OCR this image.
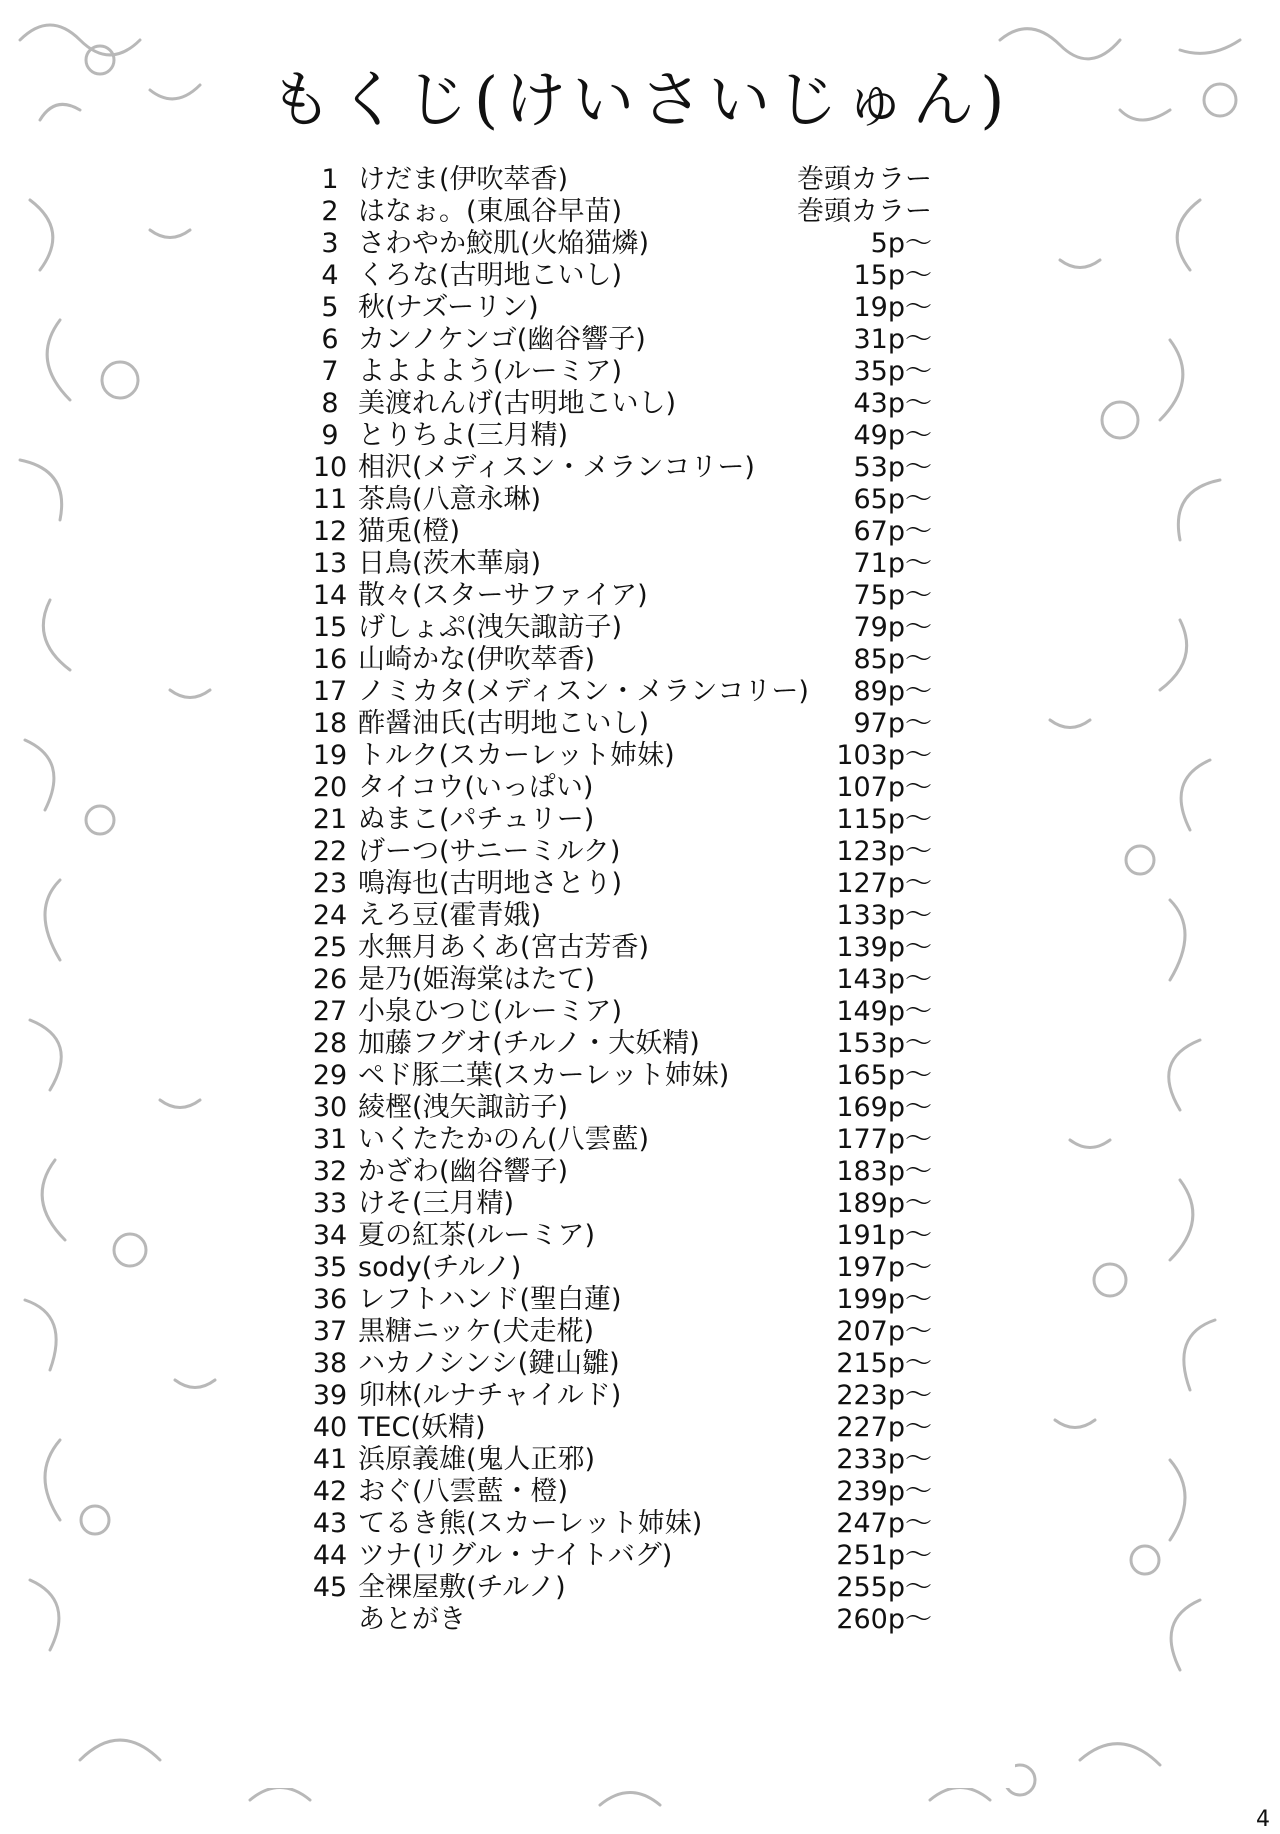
もくじ(けいさいじゅん)
1 けだま(伊吹萃香)	巻頭カラー
2 はなぉ。(東風谷早苗)	巻頭カラー
3 さわやか鮫肌(火焔猫燐)	5p～
4 くろな(古明地こいし)	15p～
5 秋(ナズーリン)	19p～
6 カンノケンゴ(幽谷響子)	31p～
7 よよよよう(ルーミア)	35p～
8 美渡れんげ(古明地こいし)	43p～
9 とりちよ(三月精)	49p～
10 相沢(メディスン・メランコリー)	53p～
11 茶鳥(八意永琳)	65p～
12 猫兎(橙)	67p～
13 日鳥(茨木華扇)	71p～
14 散々(スターサファイア)	75p～
15 げしょぷ(洩矢諏訪子)	79p～
16 山崎かな(伊吹萃香)	85p～
17 ノミカタ(メディスン・メランコリー) 89p～
18 酢醤油氏(古明地こいし)	97p～
19 トルク(スカーレット姉妹)	103p～
20 タイコウ(いっぱい)	107p～
21 ぬまこ(パチュリー)	115p～
22 げーつ(サニーミルク)	123p～
23 鳴海也(古明地さとり)	127p～
24 えろ豆(霍青娥)	133p～
25 水無月あくあ(宮古芳香)	139p～
26 是乃(姫海棠はたて)	143p～
27 小泉ひつじ(ルーミア)	149p～
28 加藤フグオ(チルノ・大妖精)	153p～
29 ペド豚二葉(スカーレット姉妹)	165p～
30 綾樫(洩矢諏訪子)	169p～
31 いくたたかのん(八雲藍)	177p～
32 かざわ(幽谷響子)	183p～
33 けそ(三月精)	189p～
34 夏の紅茶(ルーミア)	191p～
35 sody(チルノ)	197p～
36 レフトハンド(聖白蓮)	199p～
37 黒糖ニッケ(犬走椛)	207p～
38 ハカノシンシ(鍵山雛)	215p～
39 卯林(ルナチャイルド)	223p～
40 TEC(妖精)	227p～
41 浜原義雄(鬼人正邪)	233p～
42 おぐ(八雲藍・橙)	239p～
43 てるき熊(スカーレット姉妹)	247p～
44 ツナ(リグル・ナイトバグ)	251p～
45 全裸屋敷(チルノ)	255p～
あとがき	260p～
4
